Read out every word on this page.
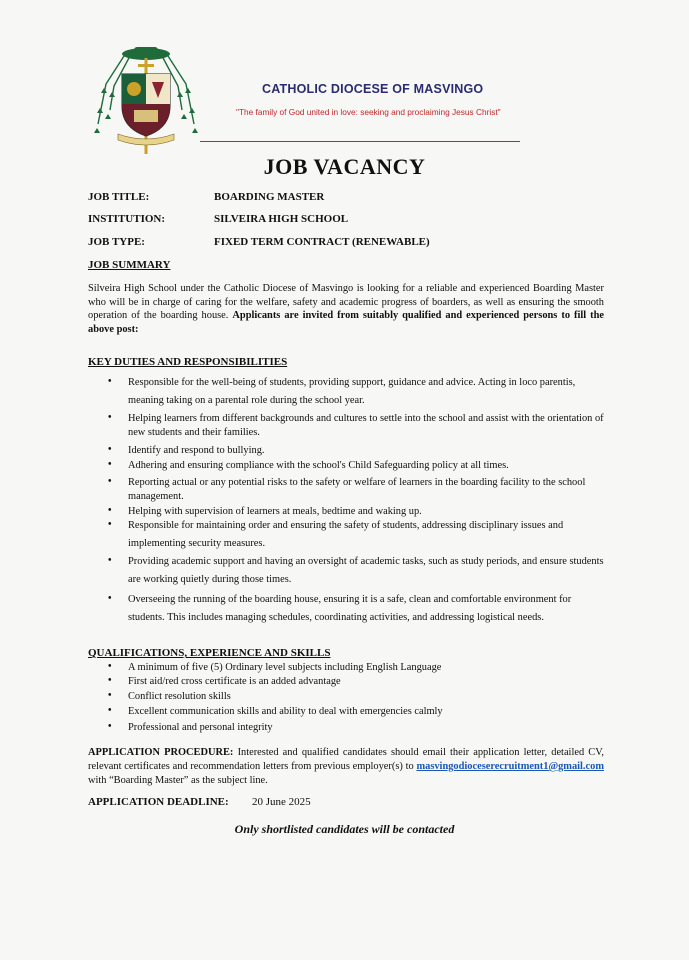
CATHOLIC DIOCESE OF MASVINGO
"The family of God united in love: seeking and proclaiming Jesus Christ"
JOB VACANCY
JOB TITLE:	BOARDING MASTER
INSTITUTION:	SILVEIRA HIGH SCHOOL
JOB TYPE:	FIXED TERM CONTRACT (RENEWABLE)
JOB SUMMARY

Silveira High School under the Catholic Diocese of Masvingo is looking for a reliable and experienced Boarding Master who will be in charge of caring for the welfare, safety and academic progress of boarders, as well as ensuring the smooth operation of the boarding house. Applicants are invited from suitably qualified and experienced persons to fill the above post:

KEY DUTIES AND RESPONSIBILITIES
• Responsible for the well-being of students, providing support, guidance and advice. Acting in loco parentis, meaning taking on a parental role during the school year.
• Helping learners from different backgrounds and cultures to settle into the school and assist with the orientation of new students and their families.
• Identify and respond to bullying.
• Adhering and ensuring compliance with the school's Child Safeguarding policy at all times.
• Reporting actual or any potential risks to the safety or welfare of learners in the boarding facility to the school management.
• Helping with supervision of learners at meals, bedtime and waking up.
• Responsible for maintaining order and ensuring the safety of students, addressing disciplinary issues and implementing security measures.
• Providing academic support and having an oversight of academic tasks, such as study periods, and ensure students are working quietly during those times.
• Overseeing the running of the boarding house, ensuring it is a safe, clean and comfortable environment for students. This includes managing schedules, coordinating activities, and addressing logistical needs.
QUALIFICATIONS, EXPERIENCE AND SKILLS
• A minimum of five (5) Ordinary level subjects including English Language
• First aid/red cross certificate is an added advantage
• Conflict resolution skills
• Excellent communication skills and ability to deal with emergencies calmly
• Professional and personal integrity

APPLICATION PROCEDURE: Interested and qualified candidates should email their application letter, detailed CV, relevant certificates and recommendation letters from previous employer(s) to masvingodioceserecruitment1@gmail.com with “Boarding Master” as the subject line.

APPLICATION DEADLINE: 20 June 2025
Only shortlisted candidates will be contacted
